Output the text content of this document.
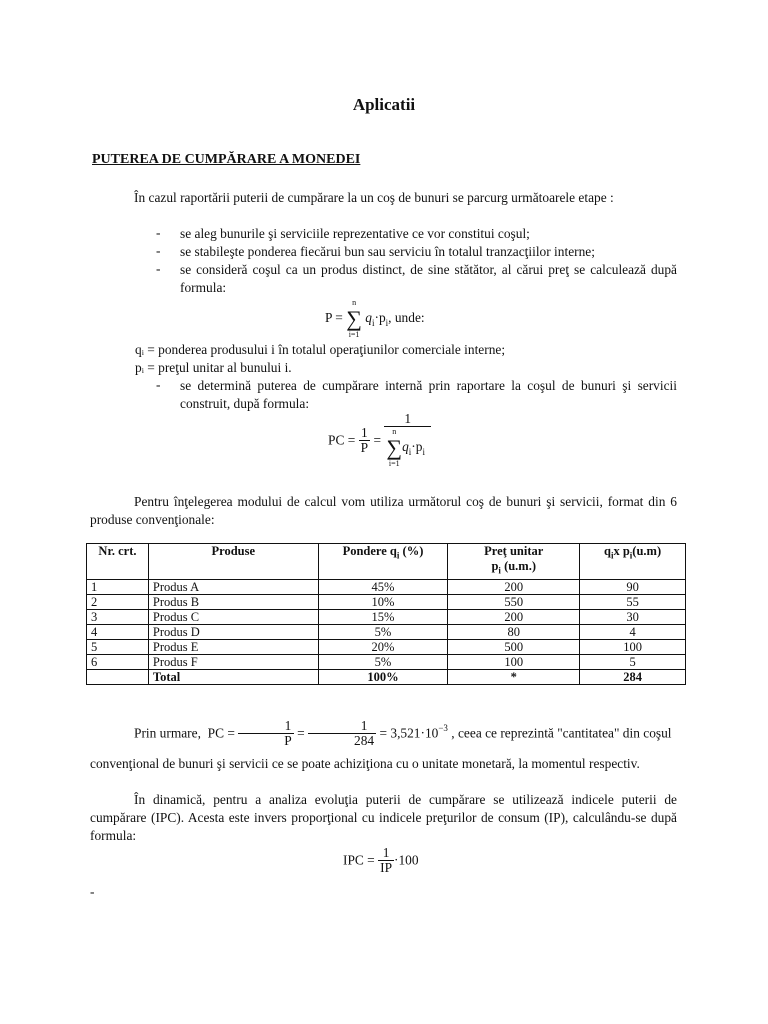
Aplicatii
PUTEREA DE CUMPĂRARE A MONEDEI
În cazul raportării puterii de cumpărare la un coş de bunuri se parcurg următoarele etape :
-	se aleg bunurile şi serviciile reprezentative ce vor constitui coşul;
-	se stabileşte ponderea fiecărui bun sau serviciu în totalul tranzacţiilor interne;
-	se consideră coşul ca un produs distinct, de sine stătător, al cărui preţ se calculează după formula:
P =
n
∑
i=1
$q_i\cdot p_i$, unde:
qᵢ = ponderea produsului i în totalul operaţiunilor comerciale interne;
pᵢ = preţul unitar al bunului i.
-	se determină puterea de cumpărare internă prin raportare la coşul de bunuri şi servicii construit, după formula:
PC = $\frac{1}{P} = 1$
n
∑
i=1
$q_i\cdot p_i$
Pentru înţelegerea modului de calcul vom utiliza următorul coş de bunuri şi servicii, format din 6 produse convenţionale:
Nr. crt.	Produse	Pondere $q_i$ (%)	Preţ unitar
$p_i$ (u.m.)	$q_ix$ $p_i(u.m)$
1	Produs A	45%	200	90
2	Produs B	10%	550	55
3	Produs C	15%	200	30
4	Produs D	5%	80	4
5	Produs E	20%	500	100
6	Produs F	5%	100	5
	Total	100%	*	284
Prin urmare, PC = $\frac{1}{P} = \frac{1}{284} = 3,521\cdot 10^{-3}$ , ceea ce reprezintă "cantitatea" din coşul
convenţional de bunuri şi servicii ce se poate achiziţiona cu o unitate monetară, la momentul respectiv.
În dinamică, pentru a analiza evoluţia puterii de cumpărare se utilizează indicele puterii de cumpărare (IPC). Acesta este invers proporţional cu indicele preţurilor de consum (IP), calculându-se după formula:
IPC = $\frac{1}{IP} \cdot 100$
-
